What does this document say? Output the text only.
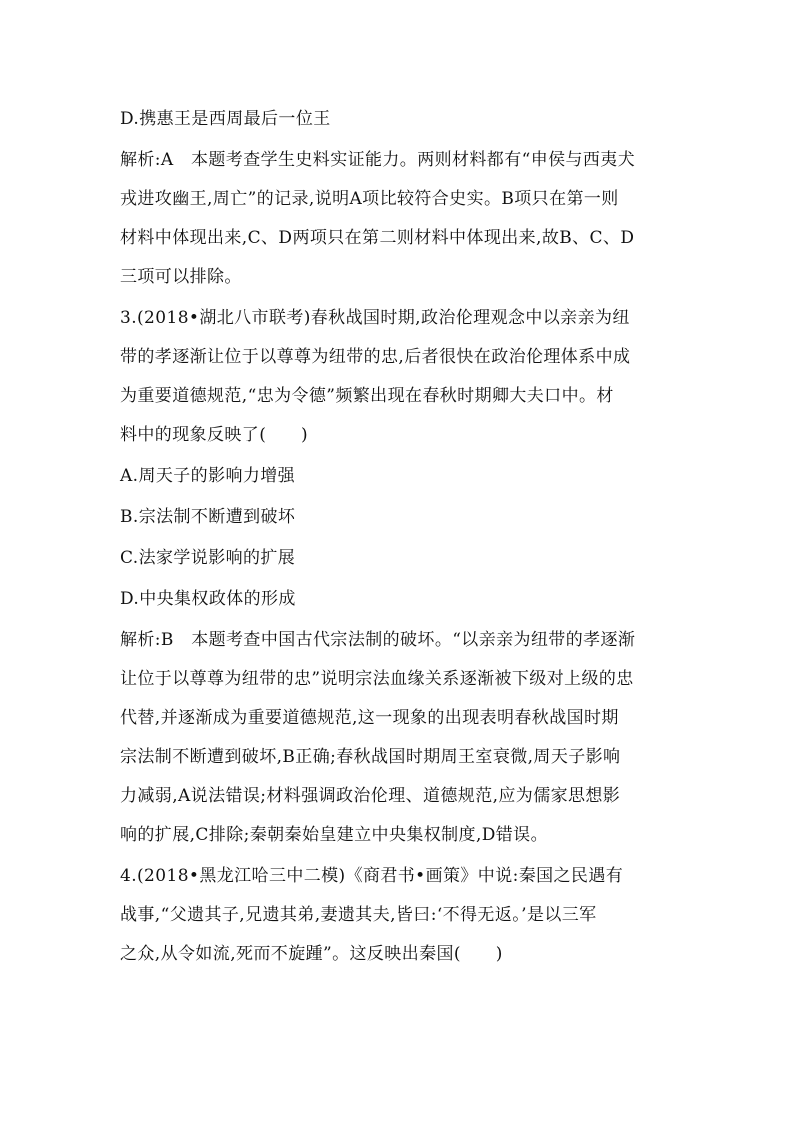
D.携惠王是西周最后一位王
解析:A　本题考查学生史料实证能力。两则材料都有“申侯与西夷犬
戎进攻幽王,周亡”的记录,说明A项比较符合史实。B项只在第一则
材料中体现出来,C、D两项只在第二则材料中体现出来,故B、C、D
三项可以排除。
3.(2018•湖北八市联考)春秋战国时期,政治伦理观念中以亲亲为纽
带的孝逐渐让位于以尊尊为纽带的忠,后者很快在政治伦理体系中成
为重要道德规范,“忠为令德”频繁出现在春秋时期卿大夫口中。材
料中的现象反映了(　　)
A.周天子的影响力增强
B.宗法制不断遭到破坏
C.法家学说影响的扩展
D.中央集权政体的形成
解析:B　本题考查中国古代宗法制的破坏。“以亲亲为纽带的孝逐渐
让位于以尊尊为纽带的忠”说明宗法血缘关系逐渐被下级对上级的忠
代替,并逐渐成为重要道德规范,这一现象的出现表明春秋战国时期
宗法制不断遭到破坏,B正确;春秋战国时期周王室衰微,周天子影响
力减弱,A说法错误;材料强调政治伦理、道德规范,应为儒家思想影
响的扩展,C排除;秦朝秦始皇建立中央集权制度,D错误。
4.(2018•黑龙江哈三中二模)《商君书•画策》中说:秦国之民遇有
战事,“父遗其子,兄遗其弟,妻遗其夫,皆曰:‘不得无返。’是以三军
之众,从令如流,死而不旋踵”。这反映出秦国(　　)
